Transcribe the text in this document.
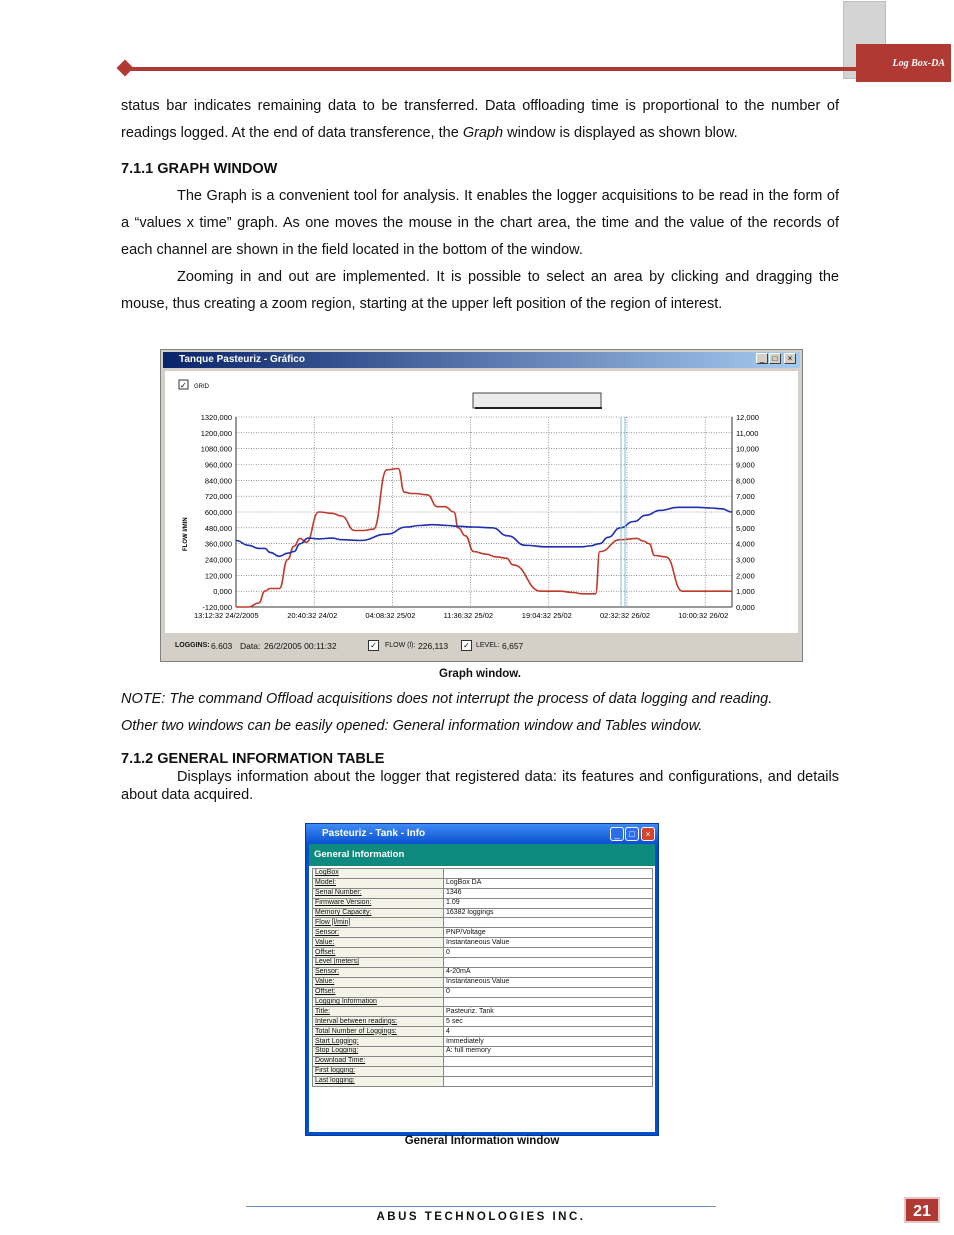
Log Box-DA

status bar indicates remaining data to be transferred. Data offloading time is proportional to the number of readings logged. At the end of data transference, the Graph window is displayed as shown blow.

7.1.1 GRAPH WINDOW

The Graph is a convenient tool for analysis. It enables the logger acquisitions to be read in the form of a “values x time” graph. As one moves the mouse in the chart area, the time and the value of the records of each channel are shown in the field located in the bottom of the window.

Zooming in and out are implemented. It is possible to select an area by clicking and dragging the mouse, thus creating a zoom region, starting at the upper left position of the region of interest.

Tanque Pasteuriz - Gráfico	_	□	×
✓ GRID
1320,000
1200,000
1080,000
960,000
840,000
720,000
600,000
480,000
360,000
240,000
120,000
0,000
-120,000
12,000
11,000
10,000
9,000
8,000
7,000
6,000
5,000
4,000
3,000
2,000
1,000
0,000
13:12:32 24/2/2005	20:40:32 24/02	04:08:32 25/02	11:36:32 25/02	19:04:32 25/02	02:32:32 26/02	10:00:32 26/02
FLOW l/MIN
LOGGINS: 6.603 Data: 26/2/2005 00:11:32	✓	FLOW (l): 226,113 ✓ LEVEL: 6,657

Graph window.

NOTE: The command Offload acquisitions does not interrupt the process of data logging and reading.

Other two windows can be easily opened: General information window and Tables window.

7.1.2 GENERAL INFORMATION TABLE

Displays information about the logger that registered data: its features and configurations, and details about data acquired.

Pasteuriz - Tank - Info	_	□	×
General Information
LogBox	
Model:	LogBox DA
Serial Number:	1346
Firmware Version:	1.09
Memory Capacity:	16382 loggings
Flow [l/min]	
Sensor:	PNP/Voltage
Value:	Instantaneous Value
Offset:	0
Level [meters]	
Sensor:	4-20mA
Value:	Instantaneous Value
Offset:	0
Logging Information	
Title:	Pasteuriz. Tank
Interval between readings:	5 sec
Total Number of Loggings:	4
Start Logging:	Immediately
Stop Logging:	A: full memory
Download Time:	
First logging:	
Last logging:	

General Information window

ABUS TECHNOLOGIES INC.	21
